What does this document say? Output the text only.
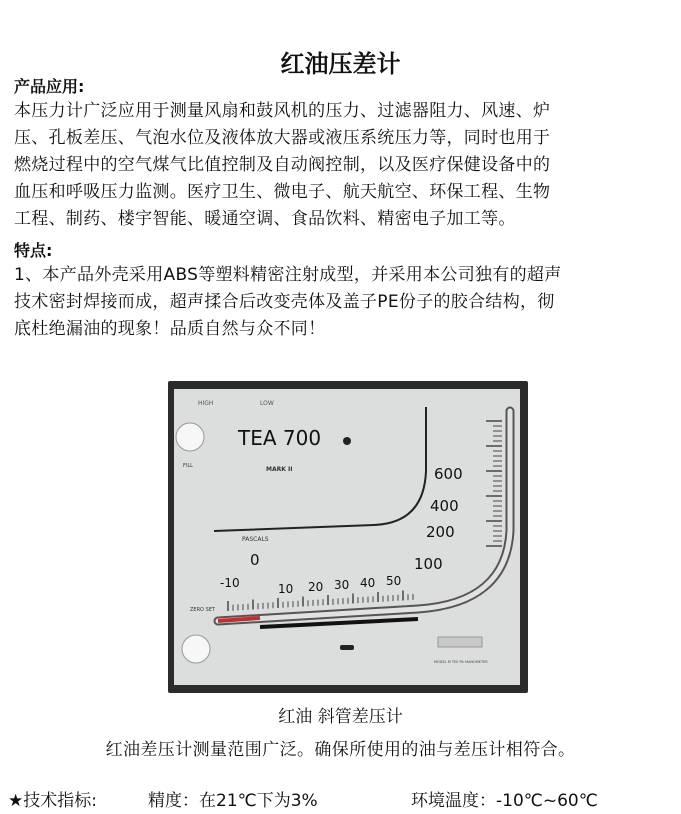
红油压差计
产品应用:
本压力计广泛应用于测量风扇和鼓风机的压力、过滤器阻力、风速、炉
压、孔板差压、气泡水位及液体放大器或液压系统压力等，同时也用于
燃烧过程中的空气煤气比值控制及自动阀控制，以及医疗保健设备中的
血压和呼吸压力监测。医疗卫生、微电子、航天航空、环保工程、生物
工程、制药、楼宇智能、暖通空调、食品饮料、精密电子加工等。
特点:
1、本产品外壳采用ABS等塑料精密注射成型，并采用本公司独有的超声
技术密封焊接而成，超声揉合后改变壳体及盖子PE份子的胶合结构，彻
底杜绝漏油的现象！品质自然与众不同！
HIGH	LOW
FILL
TEA 700
MARK II
PASCALS
0
-10	10 20 30 40 50
100
200
400
600
ZERO SET
MODEL M TEE PA MANOMETER
红油 斜管差压计
红油差压计测量范围广泛。确保所使用的油与差压计相符合。
★技术指标:	精度：在21℃下为3%	环境温度：-10℃~60℃
